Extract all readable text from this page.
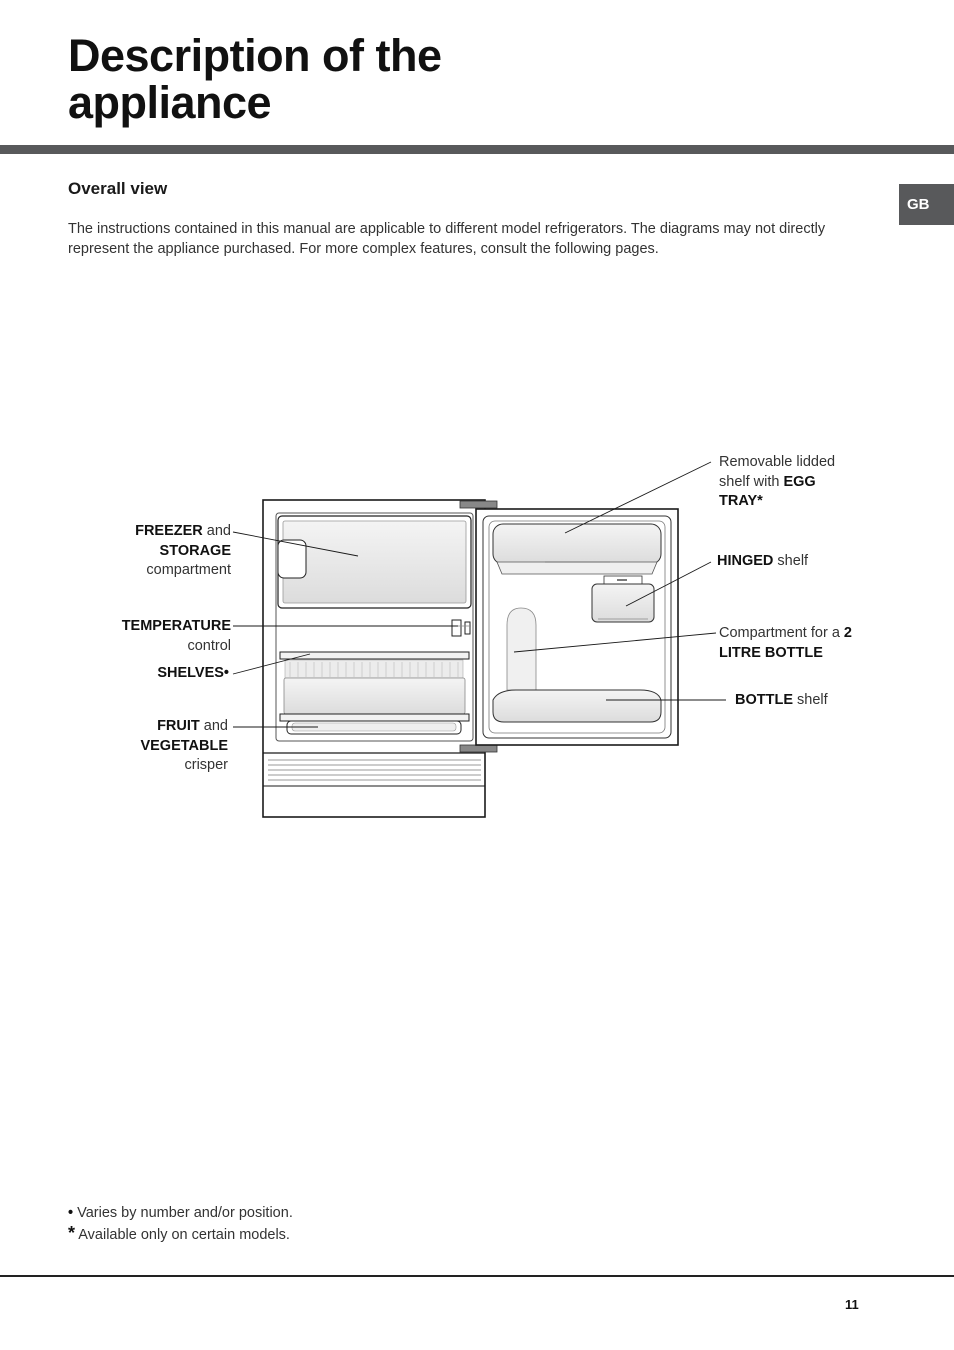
Description of the
appliance
Overall view
GB

The instructions contained in this manual are applicable to different model refrigerators. The diagrams may not directly represent the appliance purchased. For more complex features, consult the following pages.

FREEZER and
STORAGE
compartment
TEMPERATURE
control
SHELVES•
FRUIT and
VEGETABLE
crisper
Removable lidded
shelf with EGG
TRAY*
HINGED shelf
Compartment for a 2
LITRE BOTTLE
BOTTLE shelf
• Varies by number and/or position.
* Available only on certain models.
11
